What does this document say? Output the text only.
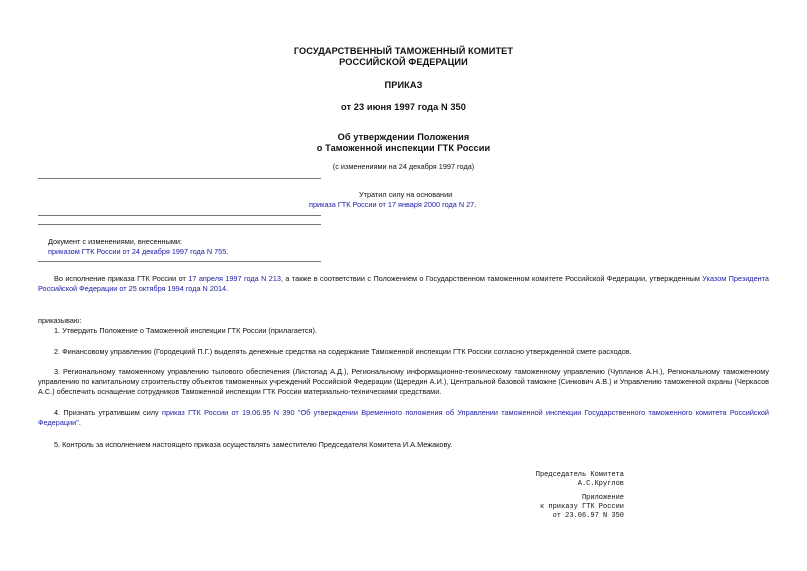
ГОСУДАРСТВЕННЫЙ ТАМОЖЕННЫЙ КОМИТЕТ
РОССИЙСКОЙ ФЕДЕРАЦИИ
ПРИКАЗ
от 23 июня 1997 года N 350
Об утверждении Положения
о Таможенной инспекции ГТК России
(с изменениями на 24 декабря 1997 года)
Утратил силу на основании
приказа ГТК России от 17 января 2000 года N 27.
Документ с изменениями, внесенными:
приказом ГТК России от 24 декабря 1997 года N 755.
Во исполнение приказа ГТК России от 17 апреля 1997 года N 213, а также в соответствии с Положением о Государственном таможенном комитете Российской Федерации, утвержденным Указом Президента Российской Федерации от 25 октября 1994 года N 2014.
приказываю:
1. Утвердить Положение о Таможенной инспекции ГТК России (прилагается).
2. Финансовому управлению (Городецкий П.Г.) выделять денежные средства на содержание Таможенной инспекции ГТК России согласно утвержденной смете расходов.
3. Региональному таможенному управлению тылового обеспечения (Листопад А.Д.), Региональному информационно-техническому таможенному управлению (Чупланов А.Н.), Региональному таможенному управлению по капитальному строительству объектов таможенных учреждений Российской Федерации (Щередин А.И.), Центральной базовой таможне (Синкович А.В.) и Управлению таможенной охраны (Черкасов А.С.) обеспечить оснащение сотрудников Таможенной инспекции ГТК России материально-техническими средствами.
4. Признать утратившим силу приказ ГТК России от 19.06.95 N 390 "Об утверждении Временного положения об Управлении таможенной инспекции Государственного таможенного комитета Российской Федерации".
5. Контроль за исполнением настоящего приказа осуществлять заместителю Председателя Комитета И.А.Межакову.
Председатель Комитета
А.С.Круглов
Приложение
к приказу ГТК России
от 23.06.97 N 350
